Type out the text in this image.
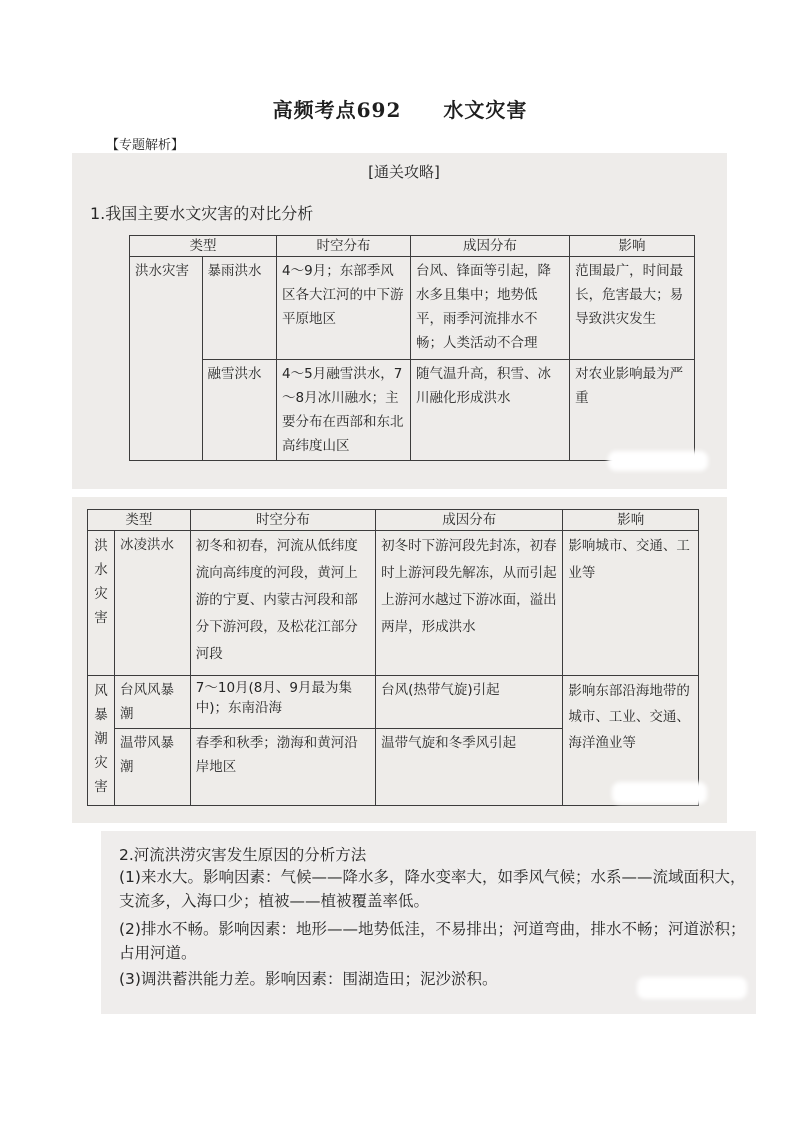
高频考点692　　水文灾害
【专题解析】
[通关攻略]
1.我国主要水文灾害的对比分析
类型		时空分布	成因分布	影响
洪水灾害	暴雨洪水	4～9月；东部季风区各大江河的中下游平原地区	台风、锋面等引起，降水多且集中；地势低平，雨季河流排水不畅；人类活动不合理	范围最广，时间最长，危害最大；易导致洪灾发生
	融雪洪水	4～5月融雪洪水，7～8月冰川融水；主要分布在西部和东北高纬度山区	随气温升高，积雪、冰川融化形成洪水	对农业影响最为严重
类型		时空分布	成因分布	影响

洪水灾害	冰凌洪水	初冬和初春，河流从低纬度流向高纬度的河段，黄河上游的宁夏、内蒙古河段和部分下游河段，及松花江部分河段	初冬时下游河段先封冻，初春时上游河段先解冻，从而引起上游河水越过下游冰面，溢出两岸，形成洪水	影响城市、交通、工业等

风暴潮灾害	台风风暴潮	7～10月(8月、9月最为集中)；东南沿海	台风(热带气旋)引起	影响东部沿海地带的城市、工业、交通、海洋渔业等
	温带风暴潮	春季和秋季；渤海和黄河沿岸地区	温带气旋和冬季风引起	
2.河流洪涝灾害发生原因的分析方法
(1)来水大。影响因素：气候——降水多，降水变率大，如季风气候；水系——流域面积大，支流多，入海口少；植被——植被覆盖率低。
(2)排水不畅。影响因素：地形——地势低洼，不易排出；河道弯曲，排水不畅；河道淤积；占用河道。
(3)调洪蓄洪能力差。影响因素：围湖造田；泥沙淤积。
